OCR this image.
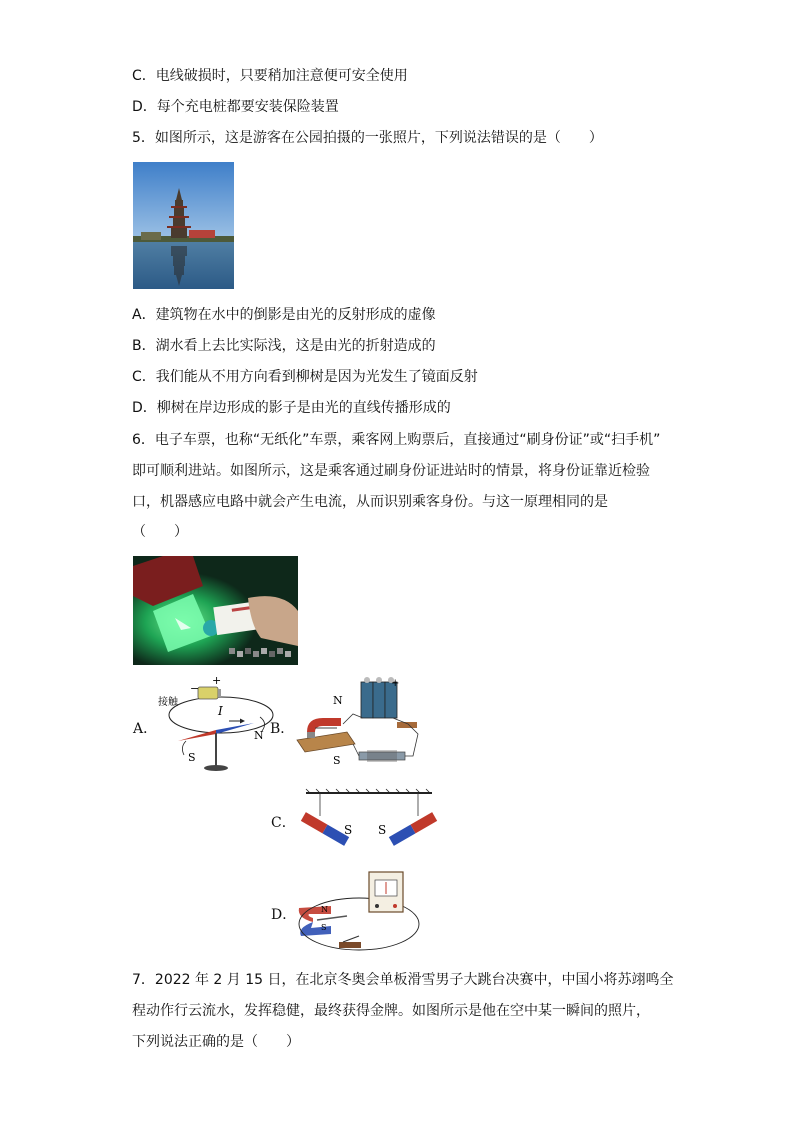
C．电线破损时，只要稍加注意便可安全使用
D．每个充电桩都要安装保险装置
5．如图所示，这是游客在公园拍摄的一张照片，下列说法错误的是（　　）
A．建筑物在水中的倒影是由光的反射形成的虚像
B．湖水看上去比实际浅，这是由光的折射造成的
C．我们能从不用方向看到柳树是因为光发生了镜面反射
D．柳树在岸边形成的影子是由光的直线传播形成的
6．电子车票，也称“无纸化”车票，乘客网上购票后，直接通过“刷身份证”或“扫手机”
即可顺利进站。如图所示，这是乘客通过刷身份证进站时的情景，将身份证靠近检验
口，机器感应电路中就会产生电流，从而识别乘客身份。与这一原理相同的是
（　　）
A．
接触
+
−
I
N
S
B．
N
S
+
C．	S S
D．	N
S
7．2022 年 2 月 15 日，在北京冬奥会单板滑雪男子大跳台决赛中，中国小将苏翊鸣全
程动作行云流水，发挥稳健，最终获得金牌。如图所示是他在空中某一瞬间的照片，
下列说法正确的是（　　）
